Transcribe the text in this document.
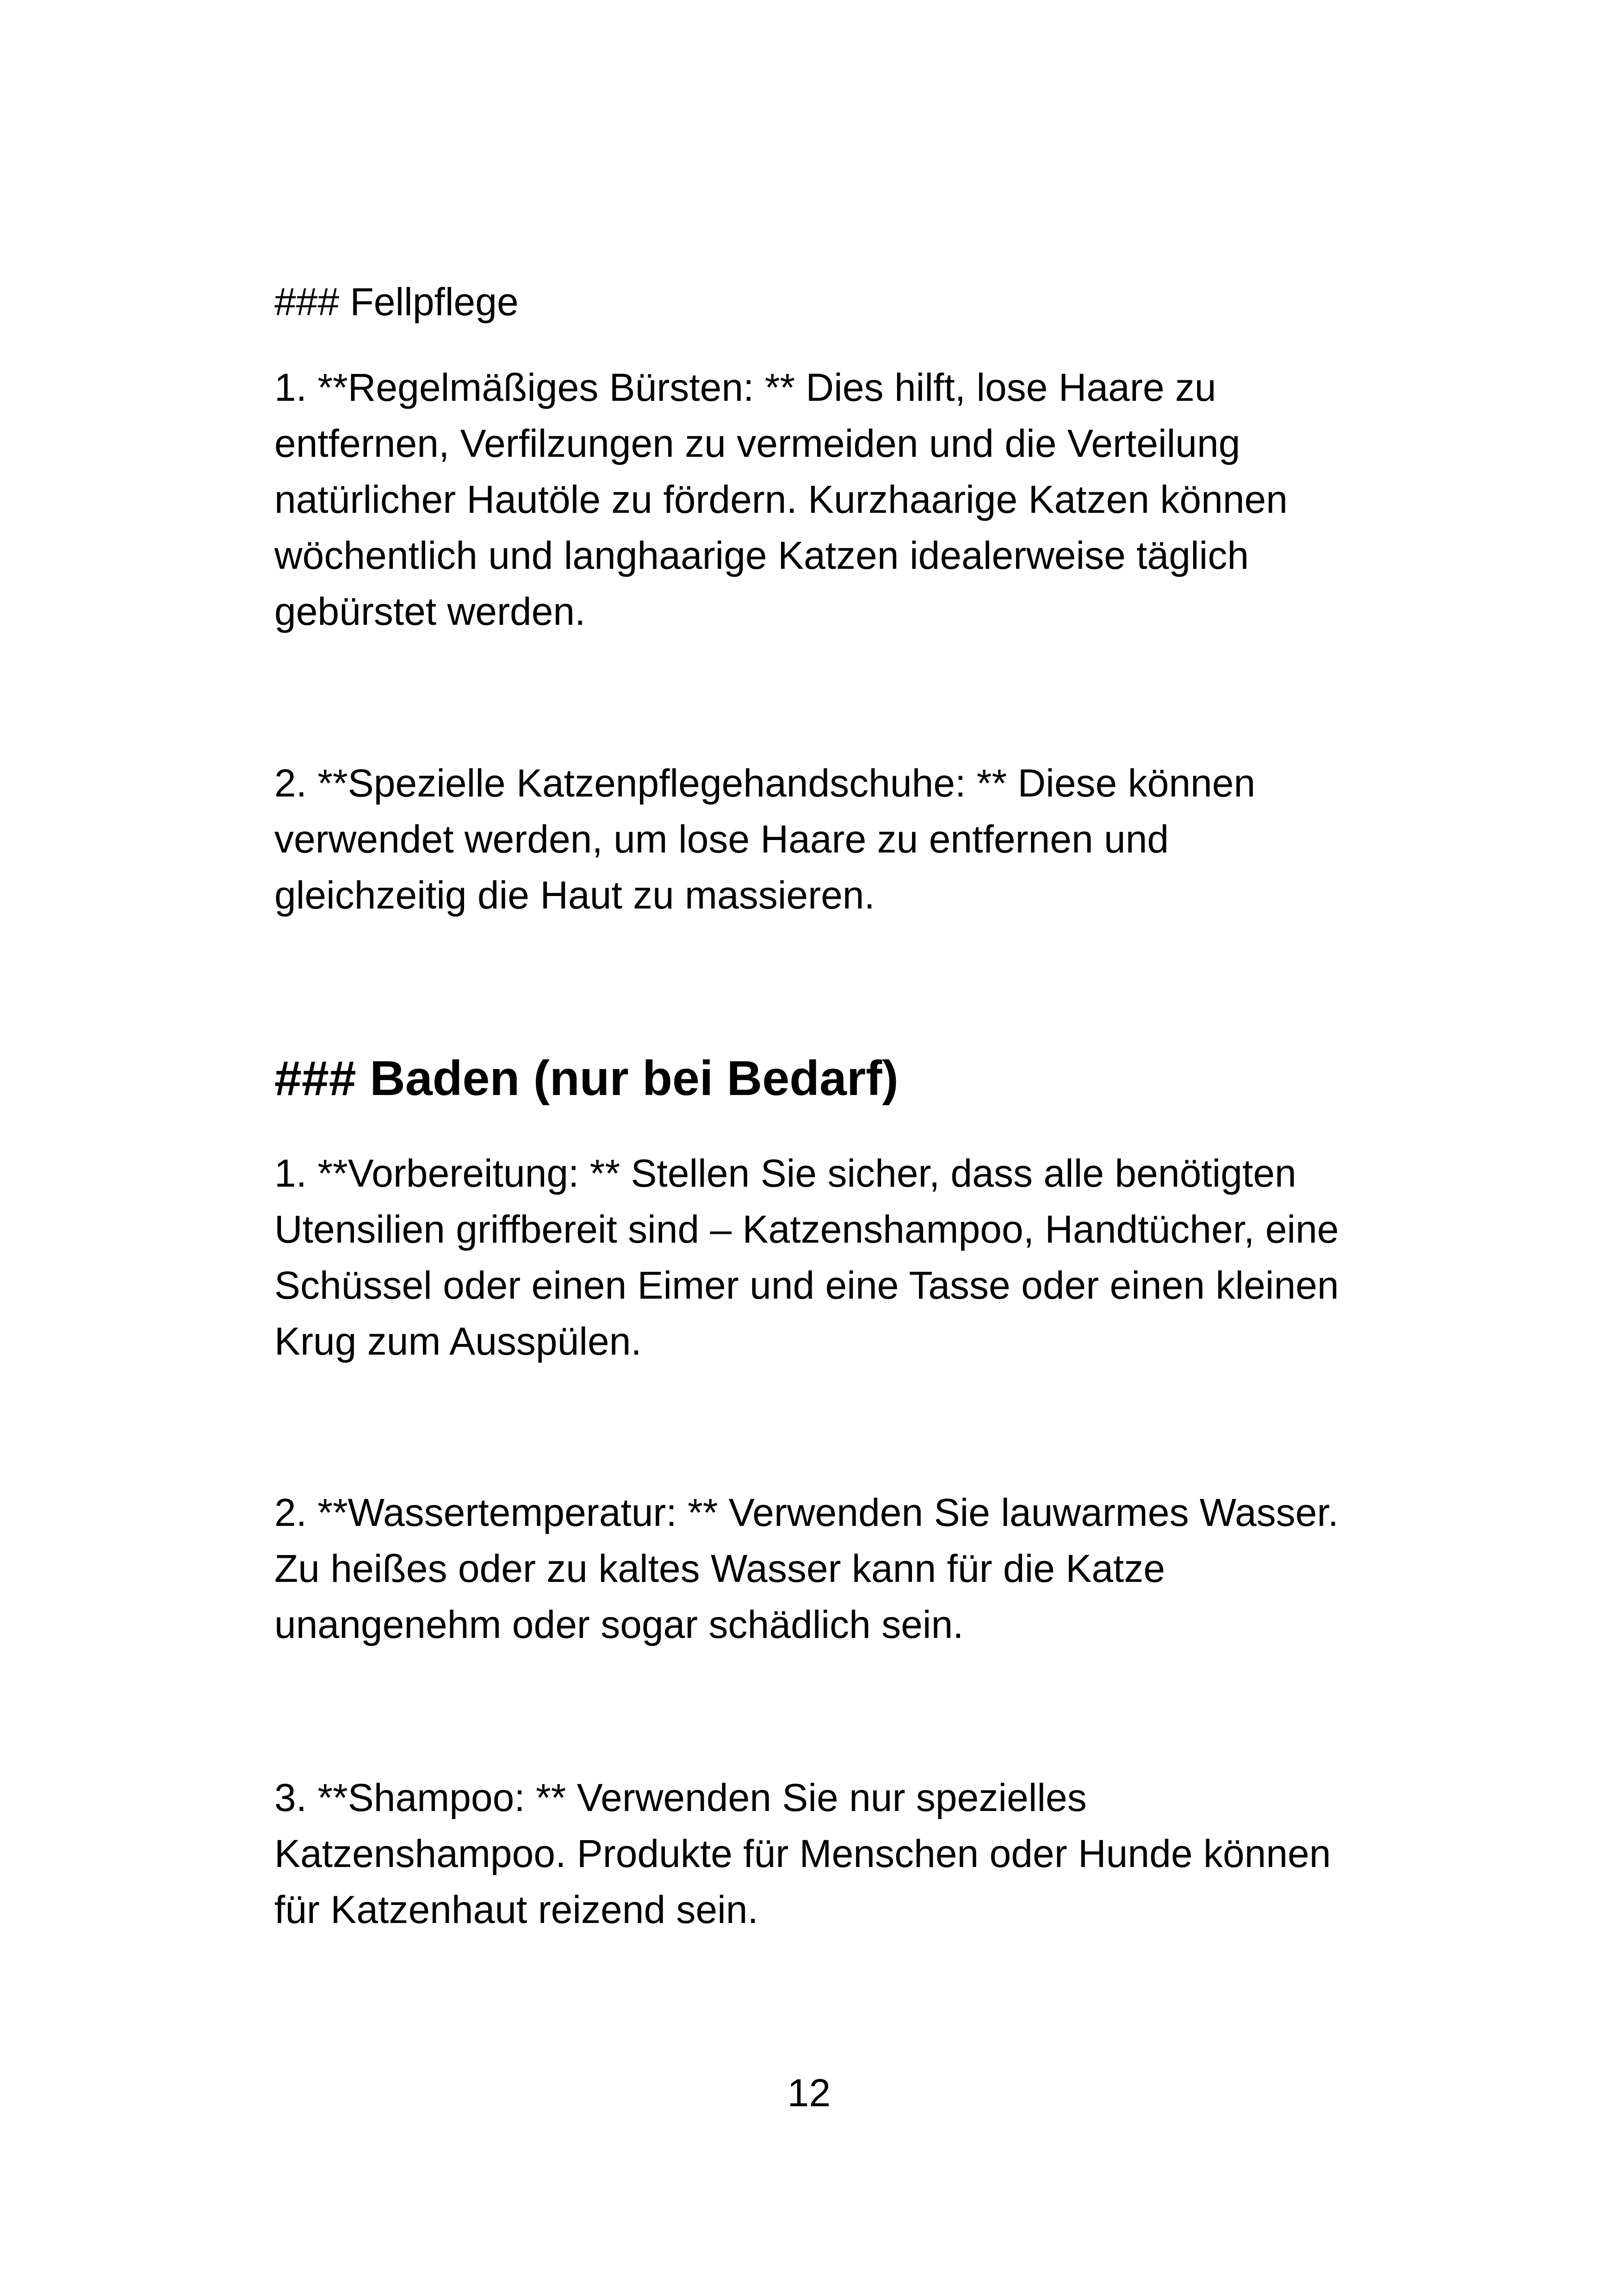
### Fellpflege
1. **Regelmäßiges Bürsten: ** Dies hilft, lose Haare zu entfernen, Verfilzungen zu vermeiden und die Verteilung natürlicher Hautöle zu fördern. Kurzhaarige Katzen können wöchentlich und langhaarige Katzen idealerweise täglich gebürstet werden.
2. **Spezielle Katzenpflegehandschuhe: ** Diese können verwendet werden, um lose Haare zu entfernen und gleichzeitig die Haut zu massieren.
### Baden (nur bei Bedarf)
1. **Vorbereitung: ** Stellen Sie sicher, dass alle benötigten Utensilien griffbereit sind – Katzenshampoo, Handtücher, eine Schüssel oder einen Eimer und eine Tasse oder einen kleinen Krug zum Ausspülen.
2. **Wassertemperatur: ** Verwenden Sie lauwarmes Wasser. Zu heißes oder zu kaltes Wasser kann für die Katze unangenehm oder sogar schädlich sein.
3. **Shampoo: ** Verwenden Sie nur spezielles Katzenshampoo. Produkte für Menschen oder Hunde können für Katzenhaut reizend sein.
12
